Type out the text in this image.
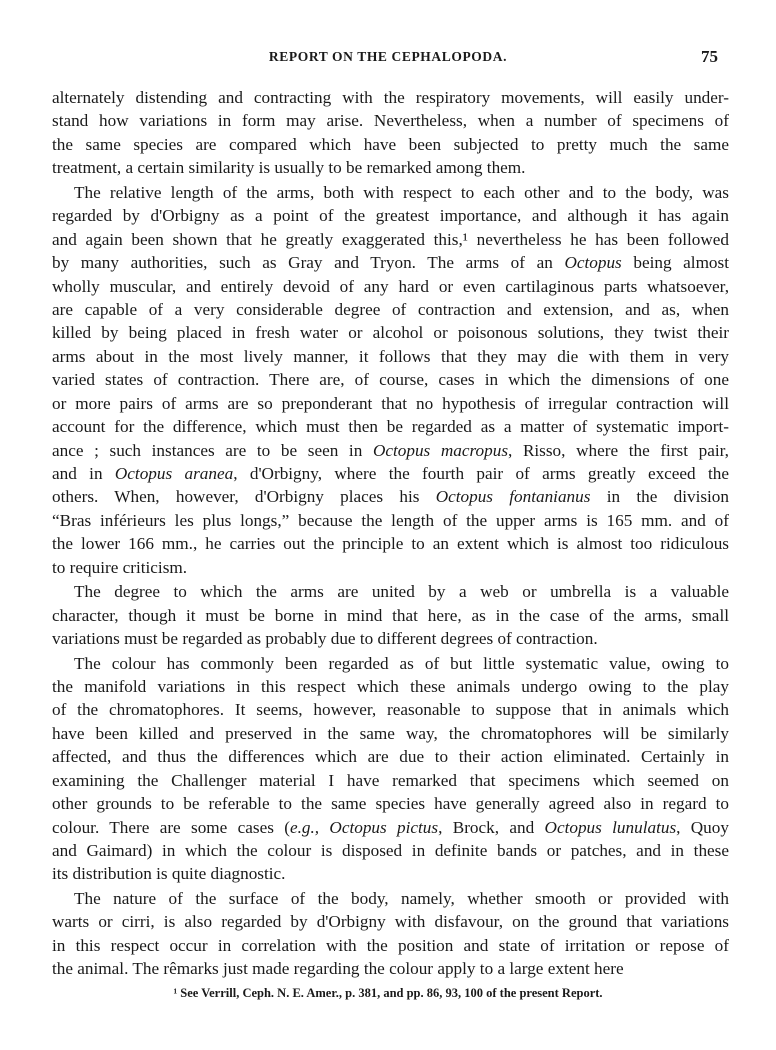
REPORT ON THE CEPHALOPODA.	75
alternately distending and contracting with the respiratory movements, will easily under-
stand how variations in form may arise. Nevertheless, when a number of specimens of
the same species are compared which have been subjected to pretty much the same
treatment, a certain similarity is usually to be remarked among them.
The relative length of the arms, both with respect to each other and to the body, was
regarded by d'Orbigny as a point of the greatest importance, and although it has again
and again been shown that he greatly exaggerated this,¹ nevertheless he has been followed
by many authorities, such as Gray and Tryon. The arms of an Octopus being almost
wholly muscular, and entirely devoid of any hard or even cartilaginous parts whatsoever,
are capable of a very considerable degree of contraction and extension, and as, when
killed by being placed in fresh water or alcohol or poisonous solutions, they twist their
arms about in the most lively manner, it follows that they may die with them in very
varied states of contraction. There are, of course, cases in which the dimensions of one
or more pairs of arms are so preponderant that no hypothesis of irregular contraction will
account for the difference, which must then be regarded as a matter of systematic import-
ance ; such instances are to be seen in Octopus macropus, Risso, where the first pair,
and in Octopus aranea, d'Orbigny, where the fourth pair of arms greatly exceed the
others. When, however, d'Orbigny places his Octopus fontanianus in the division
“Bras inférieurs les plus longs,” because the length of the upper arms is 165 mm. and of
the lower 166 mm., he carries out the principle to an extent which is almost too ridiculous
to require criticism.
The degree to which the arms are united by a web or umbrella is a valuable
character, though it must be borne in mind that here, as in the case of the arms, small
variations must be regarded as probably due to different degrees of contraction.
The colour has commonly been regarded as of but little systematic value, owing to
the manifold variations in this respect which these animals undergo owing to the play
of the chromatophores. It seems, however, reasonable to suppose that in animals which
have been killed and preserved in the same way, the chromatophores will be similarly
affected, and thus the differences which are due to their action eliminated. Certainly in
examining the Challenger material I have remarked that specimens which seemed on
other grounds to be referable to the same species have generally agreed also in regard to
colour. There are some cases (e.g., Octopus pictus, Brock, and Octopus lunulatus, Quoy
and Gaimard) in which the colour is disposed in definite bands or patches, and in these
its distribution is quite diagnostic.
The nature of the surface of the body, namely, whether smooth or provided with
warts or cirri, is also regarded by d'Orbigny with disfavour, on the ground that variations
in this respect occur in correlation with the position and state of irritation or repose of
the animal. The rêmarks just made regarding the colour apply to a large extent here
¹ See Verrill, Ceph. N. E. Amer., p. 381, and pp. 86, 93, 100 of the present Report.
